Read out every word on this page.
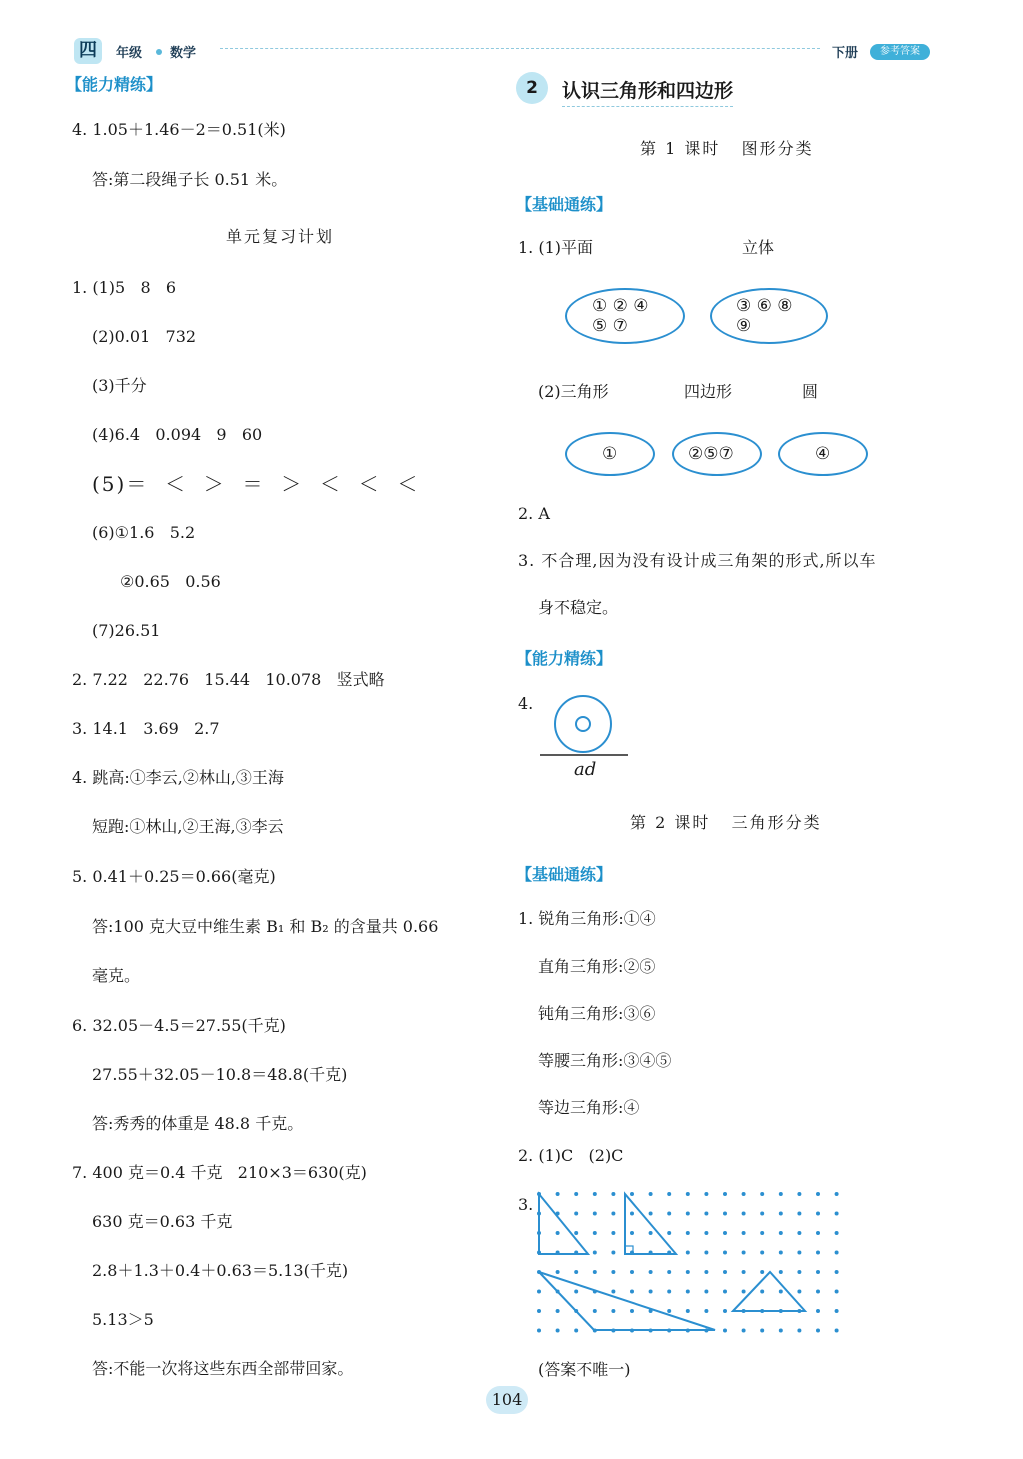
四	年级 数学	下册	参考答案
【能力精练】
4. 1.05＋1.46－2＝0.51(米)
答:第二段绳子长 0.51 米。
单元复习计划
1. (1)5   8   6
(2)0.01   732
(3)千分
(4)6.4   0.094   9   60
(5)＝  ＜  ＞  ＝  ＞  ＜  ＜  ＜
(6)①1.6   5.2
②0.65   0.56
(7)26.51
2. 7.22   22.76   15.44   10.078   竖式略
3. 14.1   3.69   2.7
4. 跳高:①李云,②林山,③王海
短跑:①林山,②王海,③李云
5. 0.41＋0.25＝0.66(毫克)
答:100 克大豆中维生素 B₁ 和 B₂ 的含量共 0.66
毫克。
6. 32.05－4.5＝27.55(千克)
27.55＋32.05－10.8＝48.8(千克)
答:秀秀的体重是 48.8 千克。
7. 400 克＝0.4 千克   210×3＝630(克)
630 克＝0.63 千克
2.8＋1.3＋0.4＋0.63＝5.13(千克)
5.13＞5
答:不能一次将这些东西全部带回家。
2	认识三角形和四边形
第 1 课时   图形分类
【基础通练】
1. (1)平面	立体
① ② ④
⑤ ⑦
③ ⑥ ⑧
⑨
(2)三角形	四边形	圆
①	②⑤⑦	④
2. A
3. 不合理,因为没有设计成三角架的形式,所以车
身不稳定。
【能力精练】
4.
ad
第 2 课时   三角形分类
【基础通练】
1. 锐角三角形:①④
直角三角形:②⑤
钝角三角形:③⑥
等腰三角形:③④⑤
等边三角形:④
2. (1)C   (2)C
3.
(答案不唯一)
104
